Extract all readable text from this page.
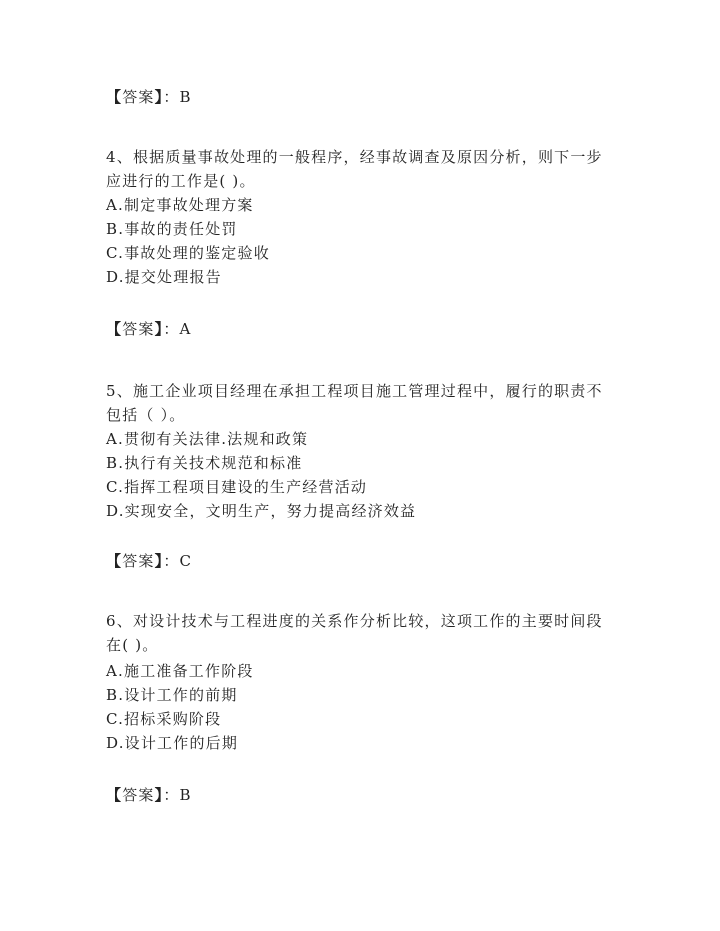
【答案】：B
4、根据质量事故处理的一般程序，经事故调查及原因分析，则下一步
应进行的工作是( )。
A.制定事故处理方案
B.事故的责任处罚
C.事故处理的鉴定验收
D.提交处理报告
【答案】：A
5、施工企业项目经理在承担工程项目施工管理过程中，履行的职责不
包括（ ）。
A.贯彻有关法律.法规和政策
B.执行有关技术规范和标准
C.指挥工程项目建设的生产经营活动
D.实现安全，文明生产，努力提高经济效益
【答案】：C
6、对设计技术与工程进度的关系作分析比较，这项工作的主要时间段
在( )。
A.施工准备工作阶段
B.设计工作的前期
C.招标采购阶段
D.设计工作的后期
【答案】：B
